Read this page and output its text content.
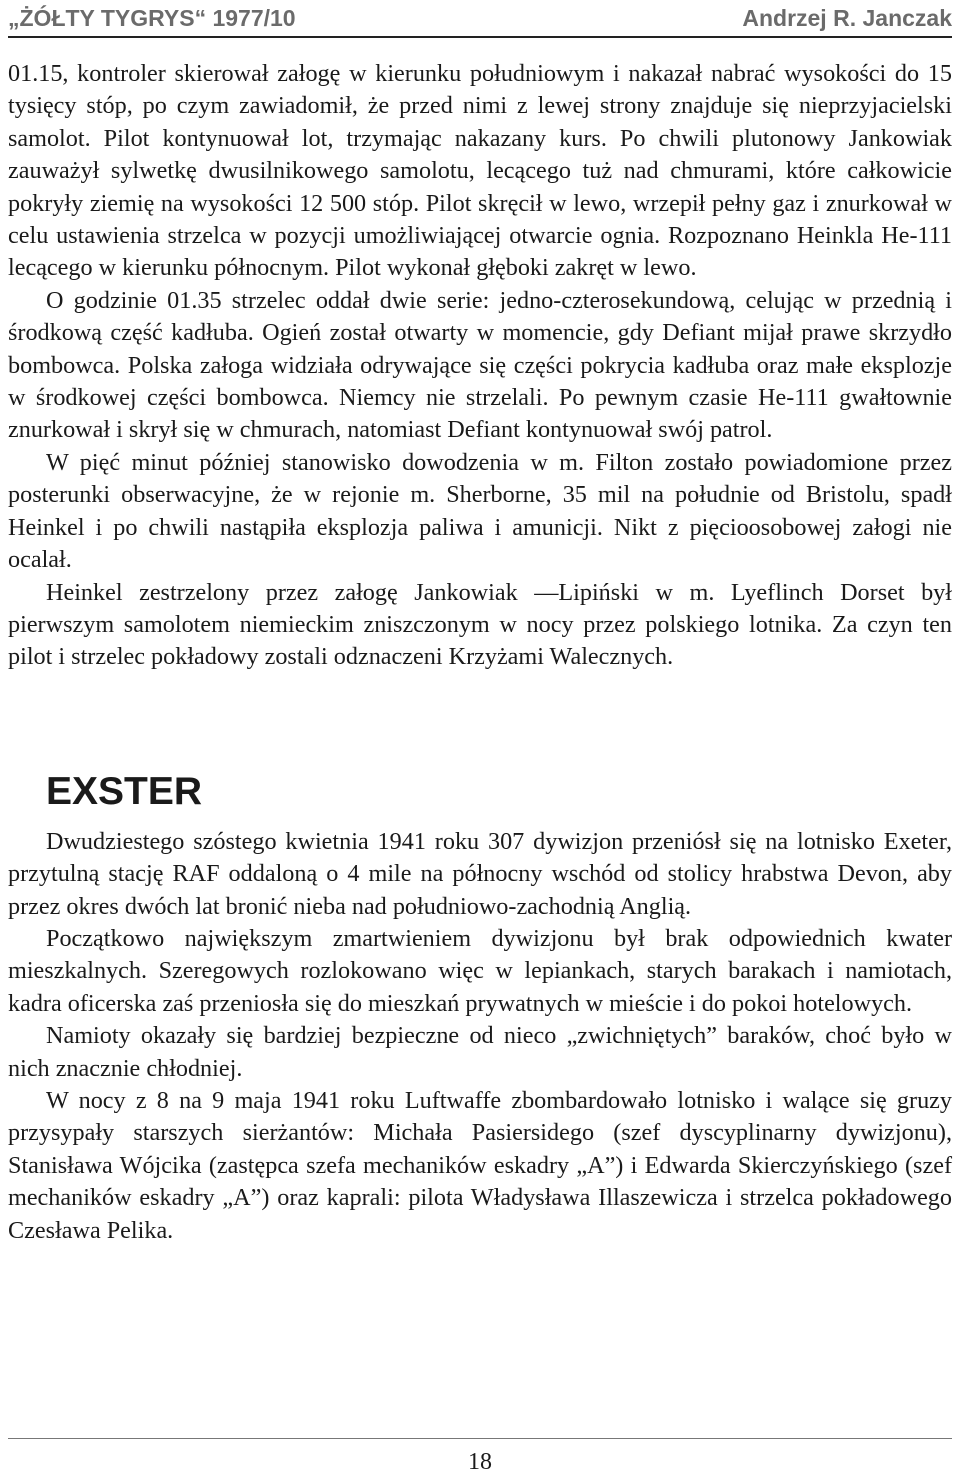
„ŻÓŁTY TYGRYS“ 1977/10	Andrzej R. Janczak

01.15, kontroler skierował załogę w kierunku południowym i nakazał nabrać wysokości do 15 tysięcy stóp, po czym zawiadomił, że przed nimi z lewej strony znajduje się nieprzyjacielski samolot. Pilot kontynuował lot, trzymając nakazany kurs. Po chwili plutonowy Jankowiak zauważył sylwetkę dwusilnikowego samolotu, lecącego tuż nad chmurami, które całkowicie pokryły ziemię na wysokości 12 500 stóp. Pilot skręcił w lewo, wrzepił pełny gaz i znurkował w celu ustawienia strzelca w pozycji umożliwiającej otwarcie ognia. Rozpoznano Heinkla He-111 lecącego w kierunku północnym. Pilot wykonał głęboki zakręt w lewo.

O godzinie 01.35 strzelec oddał dwie serie: jedno-czterosekundową, celując w przednią i środkową część kadłuba. Ogień został otwarty w momencie, gdy Defiant mijał prawe skrzydło bombowca. Polska załoga widziała odrywające się części pokrycia kadłuba oraz małe eksplozje w środkowej części bombowca. Niemcy nie strzelali. Po pewnym czasie He-111 gwałtownie znurkował i skrył się w chmurach, natomiast Defiant kontynuował swój patrol.

W pięć minut później stanowisko dowodzenia w m. Filton zostało powiadomione przez posterunki obserwacyjne, że w rejonie m. Sherborne, 35 mil na południe od Bristolu, spadł Heinkel i po chwili nastąpiła eksplozja paliwa i amunicji. Nikt z pięcioosobowej załogi nie ocalał.

Heinkel zestrzelony przez załogę Jankowiak —Lipiński w m. Lyeflinch Dorset był pierwszym samolotem niemieckim zniszczonym w nocy przez polskiego lotnika. Za czyn ten pilot i strzelec pokładowy zostali odznaczeni Krzyżami Walecznych.

EXSTER

Dwudziestego szóstego kwietnia 1941 roku 307 dywizjon przeniósł się na lotnisko Exeter, przytulną stację RAF oddaloną o 4 mile na północny wschód od stolicy hrabstwa Devon, aby przez okres dwóch lat bronić nieba nad południowo-zachodnią Anglią.

Początkowo największym zmartwieniem dywizjonu był brak odpowiednich kwater mieszkalnych. Szeregowych rozlokowano więc w lepiankach, starych barakach i namiotach, kadra oficerska zaś przeniosła się do mieszkań prywatnych w mieście i do pokoi hotelowych.

Namioty okazały się bardziej bezpieczne od nieco „zwichniętych” baraków, choć było w nich znacznie chłodniej.

W nocy z 8 na 9 maja 1941 roku Luftwaffe zbombardowało lotnisko i walące się gruzy przysypały starszych sierżantów: Michała Pasiersidego (szef dyscyplinarny dywizjonu), Stanisława Wójcika (zastępca szefa mechaników eskadry „A”) i Edwarda Skierczyńskiego (szef mechaników eskadry „A”) oraz kapralі: pilota Władysława Illaszewicza i strzelca pokładowego Czesława Pelika.

18
